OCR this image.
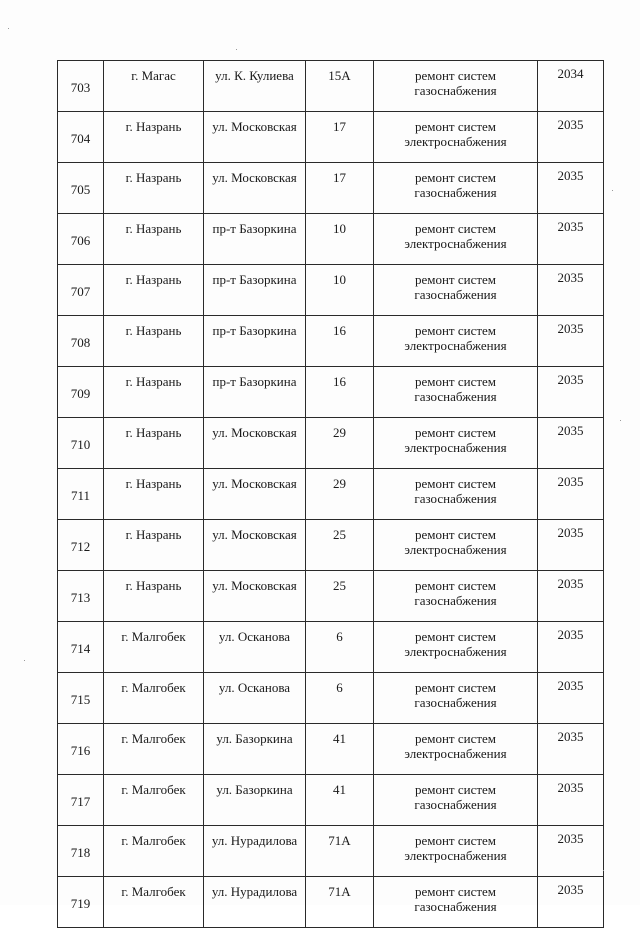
703	г. Магас	ул. К. Кулиева	15А	ремонт систем газоснабжения	2034
704	г. Назрань	ул. Московская	17	ремонт систем электроснабжения	2035
705	г. Назрань	ул. Московская	17	ремонт систем газоснабжения	2035
706	г. Назрань	пр-т Базоркина	10	ремонт систем электроснабжения	2035
707	г. Назрань	пр-т Базоркина	10	ремонт систем газоснабжения	2035
708	г. Назрань	пр-т Базоркина	16	ремонт систем электроснабжения	2035
709	г. Назрань	пр-т Базоркина	16	ремонт систем газоснабжения	2035
710	г. Назрань	ул. Московская	29	ремонт систем электроснабжения	2035
711	г. Назрань	ул. Московская	29	ремонт систем газоснабжения	2035
712	г. Назрань	ул. Московская	25	ремонт систем электроснабжения	2035
713	г. Назрань	ул. Московская	25	ремонт систем газоснабжения	2035
714	г. Малгобек	ул. Осканова	6	ремонт систем электроснабжения	2035
715	г. Малгобек	ул. Осканова	6	ремонт систем газоснабжения	2035
716	г. Малгобек	ул. Базоркина	41	ремонт систем электроснабжения	2035
717	г. Малгобек	ул. Базоркина	41	ремонт систем газоснабжения	2035
718	г. Малгобек	ул. Нурадилова	71А	ремонт систем электроснабжения	2035
719	г. Малгобек	ул. Нурадилова	71А	ремонт систем газоснабжения	2035
